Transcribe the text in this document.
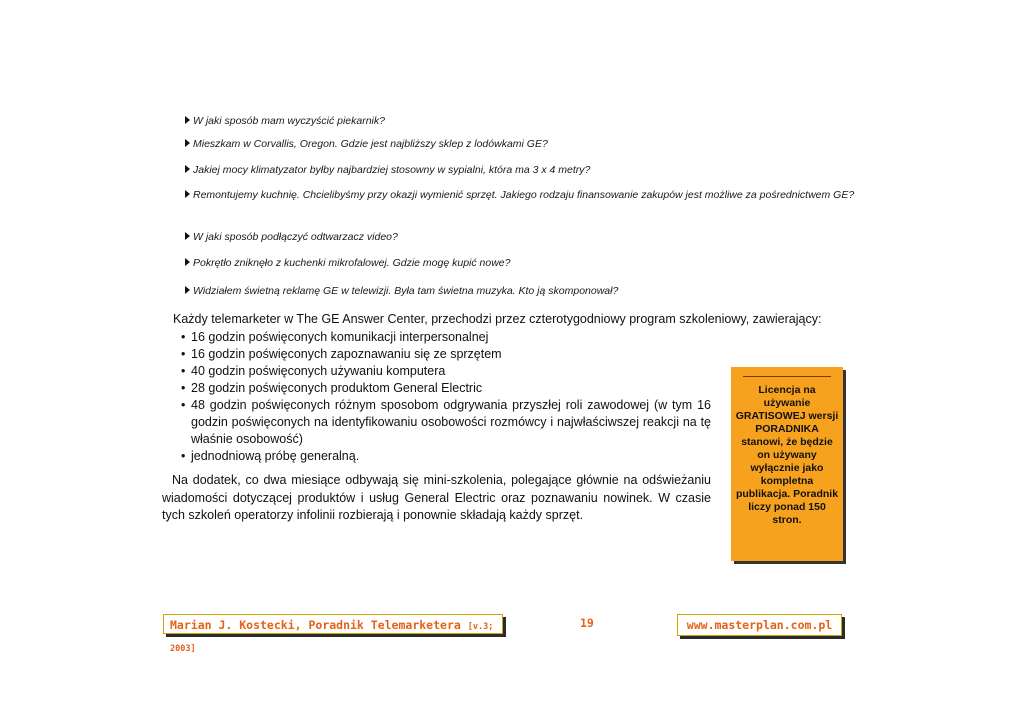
W jaki sposób mam wyczyścić piekarnik?
Mieszkam w Corvallis, Oregon. Gdzie jest najbliższy sklep z lodówkami GE?
Jakiej mocy klimatyzator byłby najbardziej stosowny w sypialni, która ma 3 x 4 metry?
Remontujemy kuchnię. Chcielibyśmy przy okazji wymienić sprzęt. Jakiego rodzaju finansowanie zakupów jest możliwe za pośrednictwem GE?
W jaki sposób podłączyć odtwarzacz video?
Pokrętło zniknęło z kuchenki mikrofalowej. Gdzie mogę kupić nowe?
Widziałem świetną reklamę GE w telewizji. Była tam świetna muzyka. Kto ją skomponował?
Każdy telemarketer w The GE Answer Center, przechodzi przez czterotygodniowy program szkoleniowy, zawierający:
• 16 godzin poświęconych komunikacji interpersonalnej
• 16 godzin poświęconych zapoznawaniu się ze sprzętem
• 40 godzin poświęconych używaniu komputera
• 28 godzin poświęconych produktom General Electric
• 48 godzin poświęconych różnym sposobom odgrywania przyszłej roli zawodowej (w tym 16 godzin poświęconych na identyfikowaniu osobowości rozmówcy i najwłaściwszej reakcji na tę właśnie osobowość)
• jednodniową próbę generalną.
Na dodatek, co dwa miesiące odbywają się mini-szkolenia, polegające głównie na odświeżaniu wiadomości dotyczącej produktów i usług General Electric oraz poznawaniu nowinek. W czasie tych szkoleń operatorzy infolinii rozbierają i ponownie składają każdy sprzęt.
Licencja na używanie GRATISOWEJ wersji PORADNIKA stanowi, że będzie on używany wyłącznie jako kompletna publikacja. Poradnik liczy ponad 150 stron.
Marian J. Kostecki, Poradnik Telemarketera [v.3; 2003]
19	www.masterplan.com.pl
